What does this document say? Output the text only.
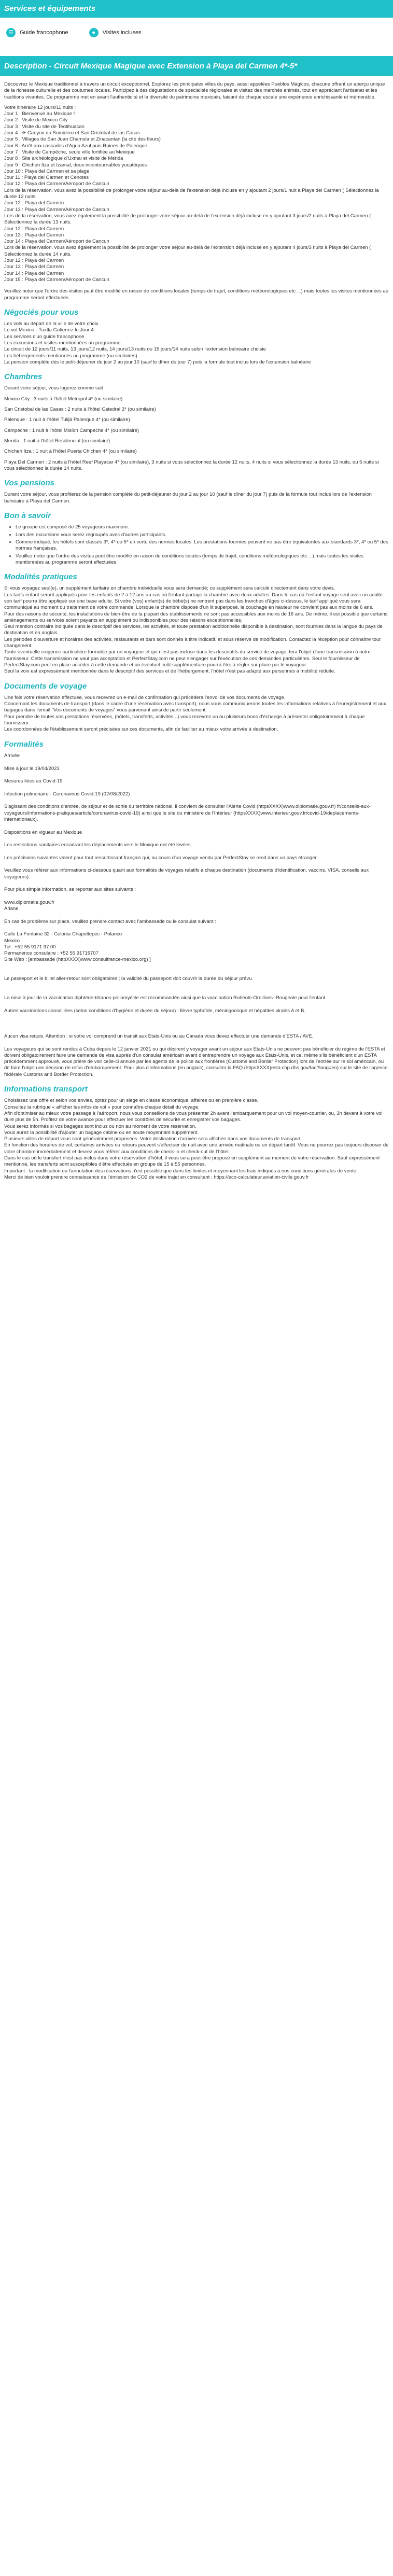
Services et équipements
☰	Guide francophone	●	Visites incluses
Description - Circuit Mexique Magique avec Extension à Playa del Carmen 4*-5*

Découvrez le Mexique traditionnel à travers un circuit exceptionnel. Explorez les principales villes du pays, aussi appelées Pueblos Mágicos, chacune offrant un aperçu unique de la richesse culturelle et des coutumes locales. Participez à des dégustations de spécialités régionales et visitez des marchés animés, tout en appréciant l'artisanat et les traditions vivantes. Ce programme met en avant l'authenticité et la diversité du patrimoine mexicain, faisant de chaque escale une expérience enrichissante et mémorable.

Votre itinéraire 12 jours/11 nuits :
Jour 1 : Bienvenue au Mexique !
Jour 2 : Visite de Mexico City
Jour 3 : Visite du site de Teotihuacan
Jour 4 : ✈ Canyon du Sumidero et San Cristobal de las Casas
Jour 5 : Villages de San Juan Chamula et Zinacantan (la cité des fleurs)
Jour 6 : Arrêt aux cascades d'Agua Azul puis Ruines de Palenque
Jour 7 : Visite de Campêche, seule ville fortifiée au Mexique
Jour 8 : Site archéologique d'Uxmal et visite de Mérida
Jour 9 : Chichen Itza et Izamal, deux incontournables yucatèques
Jour 10 : Playa del Carmen et sa plage
Jour 11 : Playa del Carmen et Cenotes
Jour 12 : Playa del Carmen/Aéroport de Cancun
Lors de la réservation, vous avez la possibilité de prolonger votre séjour au-delà de l'extension déjà incluse en y ajoutant 2 jours/1 nuit à Playa del Carmen ( Sélectionnez la durée 12 nuits.
Jour 12 : Playa del Carmen
Jour 13 : Playa del Carmen/Aéroport de Cancun
Lors de la réservation, vous avez également la possibilité de prolonger votre séjour au-delà de l'extension déjà incluse en y ajoutant 3 jours/2 nuits à Playa del Carmen ( Sélectionnez la durée 13 nuits.
Jour 12 : Playa del Carmen
Jour 13 : Playa del Carmen
Jour 14 : Playa del Carmen/Aéroport de Cancun
Lors de la réservation, vous avez également la possibilité de prolonger votre séjour au-delà de l'extension déjà incluse en y ajoutant 4 jours/3 nuits à Playa del Carmen ( Sélectionnez la durée 14 nuits.
Jour 12 : Playa del Carmen
Jour 13 : Playa del Carmen
Jour 14 : Playa del Carmen
Jour 15 : Playa del Carmen/Aéroport de Cancun

Veuillez noter que l'ordre des visites peut être modifié en raison de conditions locales (temps de trajet, conditions météorologiques etc ...) mais toutes les visites mentionnées au programme seront effectuées.

Négociés pour vous
Les vols au départ de la ville de votre choix
Le vol Mexico - Tuxtla Gutierrez le Jour 4
Les services d'un guide francophone
Les excursions et visites mentionnées au programme
Le circuit de 12 jours/11 nuits, 13 jours/12 nuits, 14 jours/13 nuits ou 15 jours/14 nuits selon l'extension balnéaire choisie
Les hébergements mentionnés au programme (ou similaires)
La pension complète dès le petit-déjeuner du jour 2 au jour 10 (sauf le dîner du jour 7) puis la formule tout inclus lors de l'extension balnéaire
Chambres

Durant votre séjour, vous logerez comme suit :

Mexico City : 3 nuits à l'hôtel Metropol 4* (ou similaire)
San Cristobal de las Casas : 2 nuits à l'hôtel Catedral 3* (ou similaire)
Palenque : 1 nuit à l'hôtel Tulijá Palenque 4* (ou similaire)
Campeche : 1 nuit à l'hôtel Misíon Campeche 4* (ou similaire)
Merida : 1 nuit à l'hôtel Residencial (ou similaire)
Chichen Itza : 1 nuit à l'hôtel Puerta Chichen 4* (ou similaire)
Playa Del Carmen : 2 nuits à l'hôtel Reef Playacar 4* (ou similaire), 3 nuits si vous sélectionnez la durée 12 nuits, 4 nuits si vous sélectionnez la durée 13 nuits, ou 5 nuits si vous sélectionnez la durée 14 nuits.
Vos pensions

Durant votre séjour, vous profiterez de la pension complète du petit-déjeuner du jour 2 au jour 10 (sauf le dîner du jour 7) puis de la formule tout inclus lors de l'extension balnéaire à Playa del Carmen.

Bon à savoir
• Le groupe est composé de 25 voyageurs maximum.
• Lors des excursions vous serez regroupés avec d'autres participants.
• Comme indiqué, les hôtels sont classés 3*, 4* ou 5* en vertu des normes locales. Les prestations fournies peuvent ne pas être équivalentes aux standards 3*, 4* ou 5* des normes françaises.
• Veuillez noter que l'ordre des visites peut être modifié en raison de conditions locales (temps de trajet, conditions météorologiques etc ...) mais toutes les visites mentionnées au programme seront effectuées.
Modalités pratiques
Si vous voyagez seul(e), un supplément tarifaire en chambre individuelle vous sera demandé; ce supplément sera calculé directement dans votre devis.
Les tarifs enfant seront appliqués pour les enfants de 2 à 12 ans au cas où l'enfant partage la chambre avec deux adultes. Dans le cas où l'enfant voyage seul avec un adulte son tarif pourra être appliqué sur une base adulte. Si votre (vos) enfant(s) de bébé(s) ne rentrent pas dans les tranches d'âges ci-dessus, le tarif appliqué vous sera communiqué au moment du traitement de votre commande. Lorsque la chambre disposé d'un lit superposé, le couchage en hauteur ne convient pas aux moins de 6 ans.
Pour des raisons de sécurité, les installations de bien-être de la plupart des établissements ne sont pas accessibles aux moins de 16 ans. De même, il est possible que certains aménagements ou services soient payants en supplément ou indisponibles pour des raisons exceptionnelles.
Seul mention contraire indiquée dans le descriptif des services, les activités, et toute prestation additionnelle disponible à destination, sont fournies dans la langue du pays de destination et en anglais.
Les périodes d'ouverture et horaires des activités, restaurants et bars sont donnés à titre indicatif, et sous réserve de modification. Contactez la réception pour connaître tout changement.
Toute éventuelle exigence particulière formulée par un voyageur et qui n'est pas incluse dans les descriptifs du service de voyage, fera l'objet d'une transmission à notre fournisseur. Cette transmission ne vaut pas acceptation et PerfectStay.com ne peut s'engager sur l'exécution de ces demandes particulières. Seul le fournisseur de PerfectStay.com peut en place accéder à cette demande et un éventuel coût supplémentaire pourra être à régler sur place par le voyageur.
Seul la voix est expressément mentionnée dans le descriptif des services et de l'hébergement, l'hôtel n'est pas adapté aux personnes à mobilité réduite.
Documents de voyage
Une fois votre réservation effectuée, vous recevrez un e-mail de confirmation qui précèdera l'envoi de vos documents de voyage.
Concernant les documents de transport (dans le cadre d'une réservation avec transport), nous vous communiquerons toutes les informations relatives à l'enregistrement et aux bagages dans l'email "Vos documents de voyages" vous parvenant ainsi de partir seulement.
Pour prendre de toutes vos prestations réservées, (hôtels, transferts, activités...) vous recevrez un ou plusieurs bons d'échange à présenter obligatoirement à chaque fournisseur.
Les coordonnées de l'établissement seront précisées sur ces documents, afin de faciliter au mieux votre arrivée à destination.
Formalités
Arrivée

Mise à jour le 19/04/2023

Mesures liées au Covid-19

Infection pulmonaire - Coronavirus Covid-19 (02/08/2022)

S'agissant des conditions d'entrée, de séjour et de sortie du territoire national, il convient de consulter l'Alerte Covid (httpsXXXX)www.diplomatie.gouv.fr) fr/conseils-aux-voyageurs/informations-pratiques/article/coronavirus-covid-19) ainsi que le site du ministère de l'Intérieur (httpsXXXX)www.interieur.gouv.fr/covid-19/deplacements-internationaux).

Dispositions en vigueur au Mexique

Les restrictions sanitaires encadrant les déplacements vers le Mexique ont été levées.

Les précisions suivantes valent pour tout ressortissant français qui, au cours d'un voyage vendu par PerfectStay se rend dans un pays étranger.

Veuillez vous référer aux informations ci-dessous quant aux formalités de voyages relatifs à chaque destination (documents d'identification, vaccins, VISA, conseils aux voyageurs).

Pour plus simple information, se reporter aux sites suivants :

www.diplomatie.gouv.fr
Ariane

En cas de problème sur place, veuillez prendre contact avec l'ambassade ou le consulat suivant :

Calle La Fontaine 32 - Colonia Chapultepec - Polanco
Mexico
Tel : +52 55 9171 97 00
Permanence consulaire : +52 55 91719707
Site Web : [ambassade (httpXXXX)www.consulfrance-mexico.org) ]

Le passeport et le billet aller-retour sont obligatoires ; la validité du passeport doit couvrir la durée du séjour prévu.

La mise à jour de la vaccination diphtérie-tétanos-poliomyélite est recommandée ainsi que la vaccination Rubéole-Oreillons- Rougeole pour l'enfant.

Autres vaccinations conseillées (selon conditions d'hygiène et durée du séjour) : fièvre typhoïde, méningocoque et hépatites virales A et B.

Aucun visa requis. Attention : si votre vol comprend un transit aux Etats-Unis ou au Canada vous devez effectuer une demande d'ESTA / AVE.

Les voyageurs qui se sont rendus à Cuba depuis le 12 janvier 2021 ou qui désirent y voyager avant un séjour aux Etats-Unis ne peuvent pas bénéficier du régime de l'ESTA et doivent obligatoirement faire une demande de visa auprès d'un consulat américain avant d'entreprendre un voyage aux Etats-Unis, et ce, même s'ils bénéficient d'un ESTA précédemment approuvé, vous prière de voir celle-ci annulé par les agents de la police aux frontières (Customs and Border Protection) lors de l'entrée sur le sol américain, ou de faire l'objet une décision de refus d'embarquement. Pour plus d'informations (en anglais), consulter la FAQ (httpsXXXX)esta.cbp.dhs.gov/faq?lang=en) sur le site de l'agence fédérale Customs and Border Protection.
Informations transport
Choisissez une offre et selon vos envies, optez pour un siège en classe économique, affaires ou en première classe.
Consultez la rubrique « afficher les infos de vol » pour connaître chaque détail du voyage.
Afin d'optimiser au mieux votre passage à l'aéroport, nous vous conseillons de vous présenter 2h avant l'embarquement pour un vol moyen-courrier, ou, 3h devant à votre vol dure plus de 5h. Profitez de votre avance pour effectuer les contrôles de sécurité et enregistrer vos bagages.
Vous serez informés si vos bagages sont inclus ou non au moment de votre réservation.
Vous aurez la possibilité d'ajouter un bagage cabine ou en soute moyennant supplément.
Plusieurs villes de départ vous sont généralement proposées. Votre destination d'arrivée sera affichée dans vos documents de transport.
En fonction des horaires de vol, certaines arrivées ou retours peuvent s'effectuer de nuit avec une arrivée matinale ou un départ tardif. Vous ne pourrez pas toujours disposer de votre chambre immédiatement et devrez vous référer aux conditions de check-in et check-out de l'hôtel.
Dans le cas où le transfert n'est pas inclus dans votre réservation d'hôtel, il vous sera peut-être proposé en supplément au moment de votre réservation. Sauf expressément mentionné, les transferts sont susceptibles d'être effectués en groupe de 15 à 55 personnes.
Important : la modification ou l'annulation des réservations n'est possible que dans les limites et moyennant les frais indiqués à nos conditions générales de vente.
Merci de bien vouloir prendre connaissance de l'émission de CO2 de votre trajet en consultant : https://eco-calculateur.aviation-civile.gouv.fr
